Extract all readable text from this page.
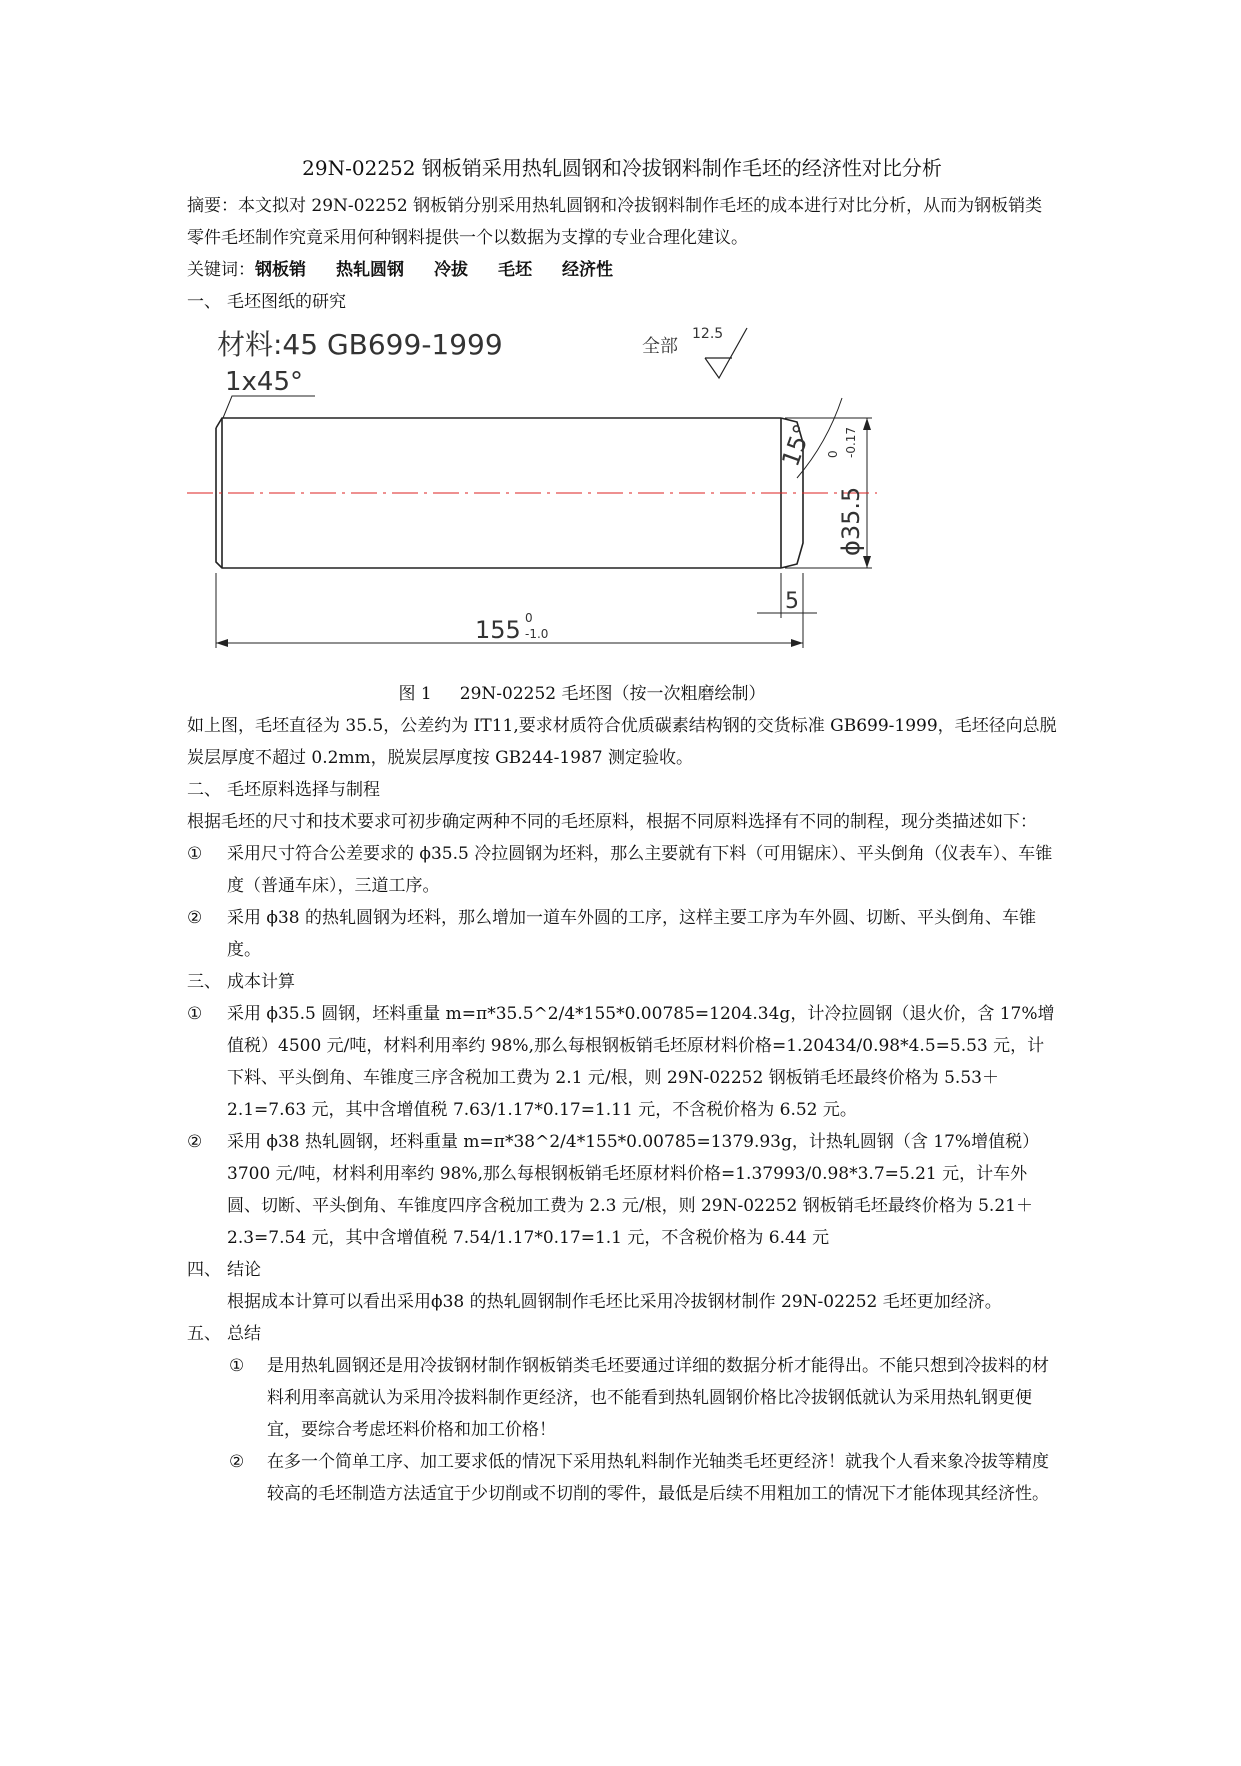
29N-02252 钢板销采用热轧圆钢和冷拔钢料制作毛坯的经济性对比分析

摘要：本文拟对 29N-02252 钢板销分别采用热轧圆钢和冷拔钢料制作毛坯的成本进行对比分析，从而为钢板销类零件毛坯制作究竟采用何种钢料提供一个以数据为支撑的专业合理化建议。

关键词：钢板销 热轧圆钢 冷拔 毛坯 经济性

一、 毛坯图纸的研究

材料:45 GB699-1999	全部
12.5
1x45°
15°
ϕ35.5
0 -0.17
155 0
-1.0
5

图 1 29N-02252 毛坯图（按一次粗磨绘制）

如上图，毛坯直径为 35.5，公差约为 IT11,要求材质符合优质碳素结构钢的交货标准 GB699-1999，毛坯径向总脱炭层厚度不超过 0.2mm，脱炭层厚度按 GB244-1987 测定验收。

二、 毛坯原料选择与制程

根据毛坯的尺寸和技术要求可初步确定两种不同的毛坯原料，根据不同原料选择有不同的制程，现分类描述如下：

① 采用尺寸符合公差要求的 ϕ35.5 冷拉圆钢为坯料，那么主要就有下料（可用锯床）、平头倒角（仪表车）、车锥度（普通车床），三道工序。

② 采用 ϕ38 的热轧圆钢为坯料，那么增加一道车外圆的工序，这样主要工序为车外圆、切断、平头倒角、车锥度。

三、 成本计算

① 采用 ϕ35.5 圆钢，坯料重量 m=π*35.5^2/4*155*0.00785=1204.34g，计冷拉圆钢（退火价，含 17%增值税）4500 元/吨，材料利用率约 98%,那么每根钢板销毛坯原材料价格=1.20434/0.98*4.5=5.53 元，计下料、平头倒角、车锥度三序含税加工费为 2.1 元/根，则 29N-02252 钢板销毛坯最终价格为 5.53＋2.1=7.63 元，其中含增值税 7.63/1.17*0.17=1.11 元，不含税价格为 6.52 元。

② 采用 ϕ38 热轧圆钢，坯料重量 m=π*38^2/4*155*0.00785=1379.93g，计热轧圆钢（含 17%增值税）3700 元/吨，材料利用率约 98%,那么每根钢板销毛坯原材料价格=1.37993/0.98*3.7=5.21 元，计车外圆、切断、平头倒角、车锥度四序含税加工费为 2.3 元/根，则 29N-02252 钢板销毛坯最终价格为 5.21＋2.3=7.54 元，其中含增值税 7.54/1.17*0.17=1.1 元，不含税价格为 6.44 元

四、 结论

根据成本计算可以看出采用ϕ38 的热轧圆钢制作毛坯比采用冷拔钢材制作 29N-02252 毛坯更加经济。

五、 总结

① 是用热轧圆钢还是用冷拔钢材制作钢板销类毛坯要通过详细的数据分析才能得出。不能只想到冷拔料的材料利用率高就认为采用冷拔料制作更经济，也不能看到热轧圆钢价格比冷拔钢低就认为采用热轧钢更便宜，要综合考虑坯料价格和加工价格！

② 在多一个简单工序、加工要求低的情况下采用热轧料制作光轴类毛坯更经济！就我个人看来象冷拔等精度较高的毛坯制造方法适宜于少切削或不切削的零件，最低是后续不用粗加工的情况下才能体现其经济性。
